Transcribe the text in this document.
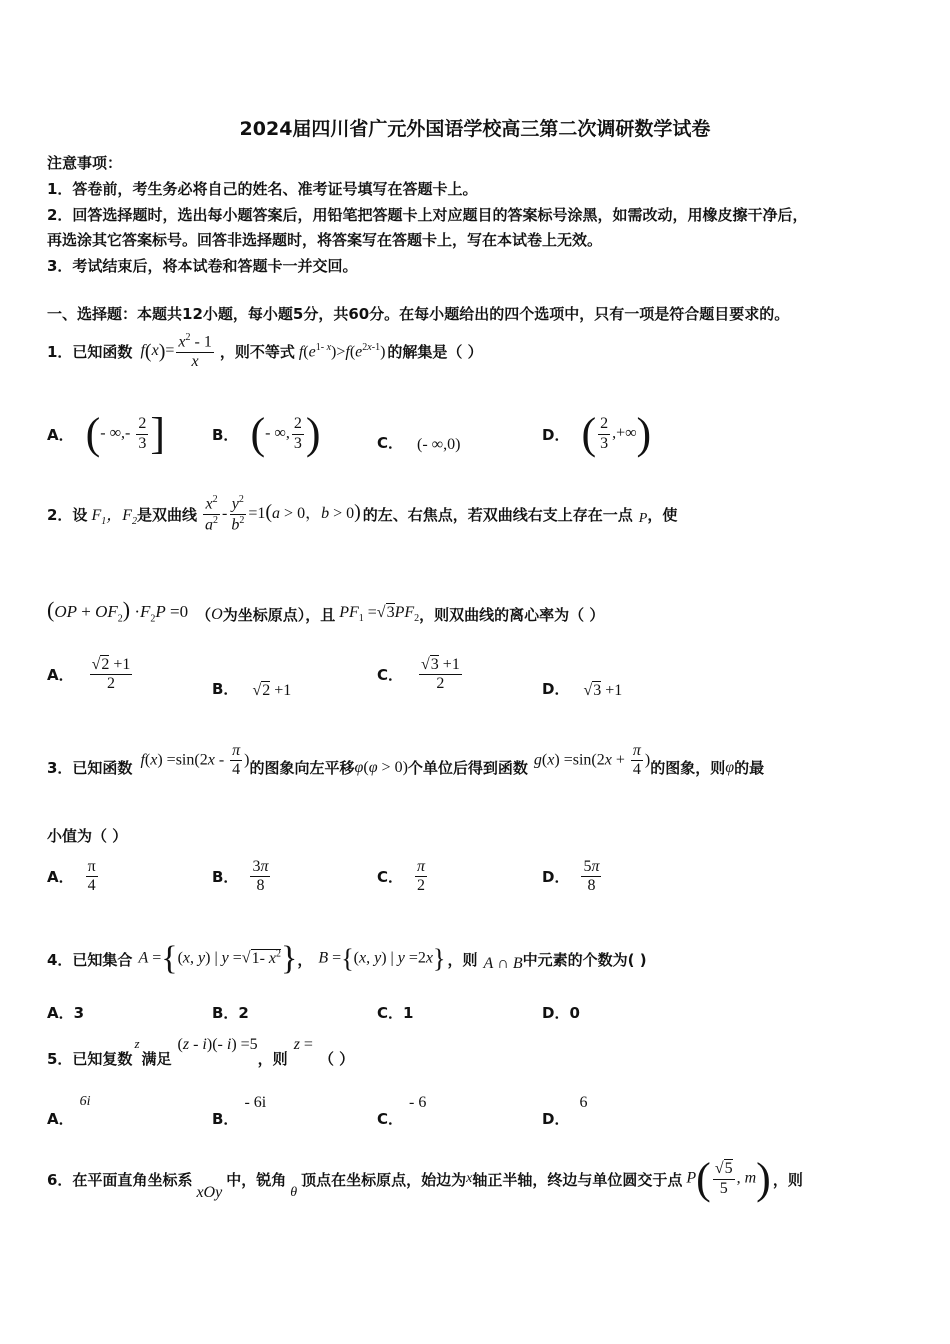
2024届四川省广元外国语学校高三第二次调研数学试卷
注意事项：
1．答卷前，考生务必将自己的姓名、准考证号填写在答题卡上。
2．回答选择题时，选出每小题答案后，用铅笔把答题卡上对应题目的答案标号涂黑，如需改动，用橡皮擦干净后，
再选涂其它答案标号。回答非选择题时，将答案写在答题卡上，写在本试卷上无效。
3．考试结束后，将本试卷和答题卡一并交回。
一、选择题：本题共12小题，每小题5分，共60分。在每小题给出的四个选项中，只有一项是符合题目要求的。
1．已知函数 $f(x)= \frac{x^2 - 1}{x}$ ，则不等式 $f(e^{1- x})>f(e^{2x-1})$ 的解集是（ ）
A． (- ∞,- $\frac{2}{3}$ ]	B． (- ∞, $\frac{2}{3}$ )	C． (- ∞,0)
D． ( $\frac{2}{3}$ ,+∞)
2．设 $F_1$，$F_2$ 是双曲线 $\frac{x^2}{a^2} - \frac{y^2}{b^2} =1(a > 0$，b > 0) 的左、右焦点，若双曲线右支上存在一点 P ，使
$(OP + OF_2) \cdot F_2P =0$ （ O 为坐标原点），且 $PF_1 =√3PF_2$ ，则双曲线的离心率为（ ）
A． $\frac{√2 +1}{2}$	B． √2 +1
C． $\frac{√3 +1}{2}$	D． √3 +1
3．已知函数 $f(x) =\sin(2x - \frac{\pi}{4}$ ) 的图象向左平移 φ(φ > 0) 个单位后得到函数 $g(x) =\sin(2x + \frac{\pi}{4}$ ) 的图象，则 φ 的最
小值为（ ）
A． $\frac{\pi}{4}$	B． $\frac{3\pi}{8}$	C． $\frac{\pi}{2}$	D． $\frac{5\pi}{8}$
4．已知集合 A ={(x, y) | y =√1- $x^2$} ， B ={(x, y) | y =2x} ，则 A ∩ B 中元素的个数为( )
A．3	B．2	C．1	D．0
5．已知复数
z
满足
(z - i)(- i) =5
，则
z =
（ ）
A．
6i
B．
- 6i
C．
- 6
D．
6
6．在平面直角坐标系
xOy
中，锐角
θ
顶点在坐标原点，始边为 x 轴正半轴，终边与单位圆交于点 $P( \frac{√5}{5}$ , m) ，则
